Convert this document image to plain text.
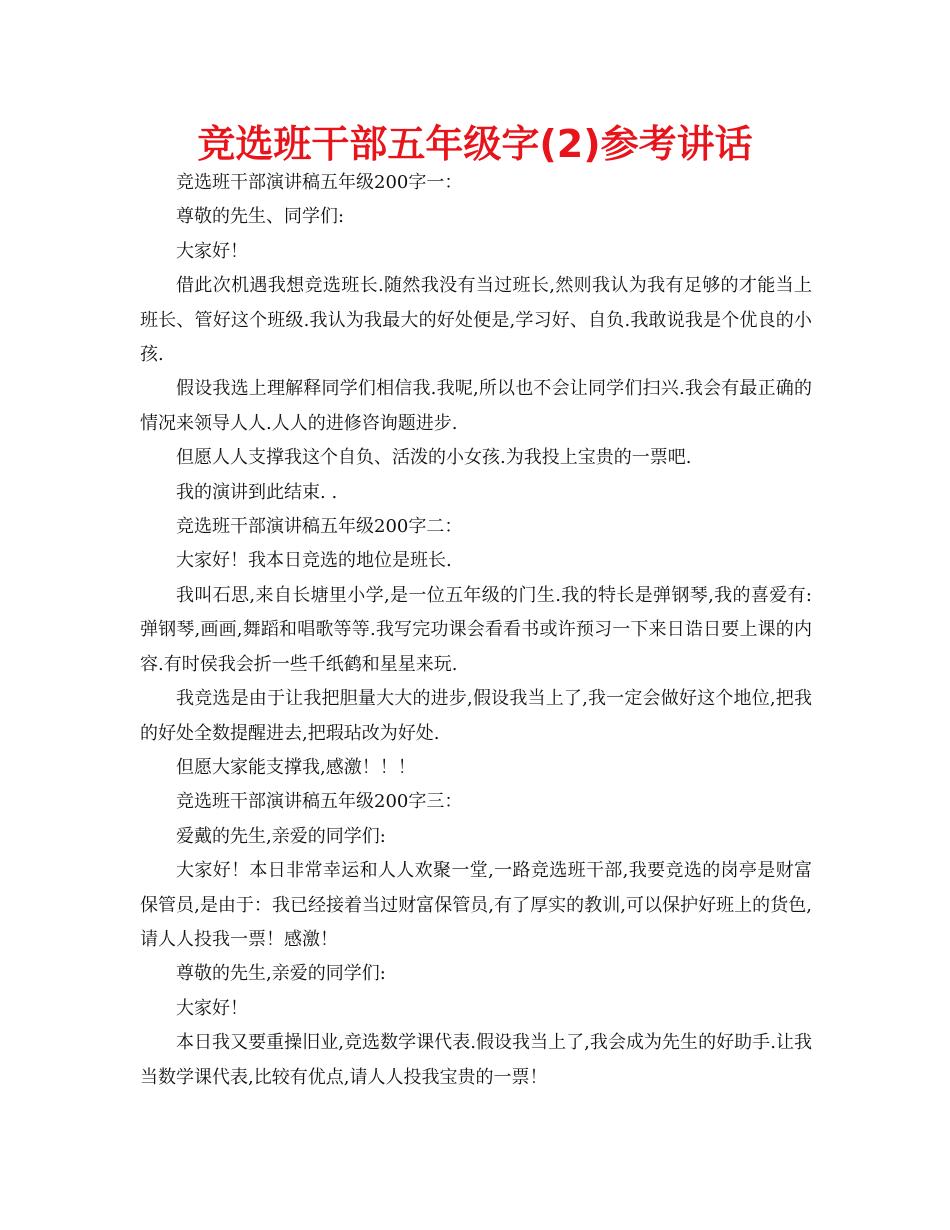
竞选班干部五年级字(2)参考讲话

竞选班干部演讲稿五年级200字一：

尊敬的先生、同学们:

大家好！

借此次机遇我想竞选班长.随然我没有当过班长,然则我认为我有足够的才能当上班长、管好这个班级.我认为我最大的好处便是,学习好、自负.我敢说我是个优良的小孩.

假设我选上理解释同学们相信我.我呢,所以也不会让同学们扫兴.我会有最正确的情况来领导人人.人人的进修咨询题进步.

但愿人人支撑我这个自负、活泼的小女孩.为我投上宝贵的一票吧.

我的演讲到此结束. .

竞选班干部演讲稿五年级200字二：

大家好！我本日竞选的地位是班长.

我叫石思,来自长塘里小学,是一位五年级的门生.我的特长是弹钢琴,我的喜爱有:弹钢琴,画画,舞蹈和唱歌等等.我写完功课会看看书或许预习一下来日诰日要上课的内容.有时侯我会折一些千纸鹤和星星来玩.

我竞选是由于让我把胆量大大的进步,假设我当上了,我一定会做好这个地位,把我的好处全数提醒进去,把瑕玷改为好处.

但愿大家能支撑我,感激！！！

竞选班干部演讲稿五年级200字三：

爱戴的先生,亲爱的同学们:

大家好！本日非常幸运和人人欢聚一堂,一路竞选班干部,我要竞选的岗亭是财富保管员,是由于：我已经接着当过财富保管员,有了厚实的教训,可以保护好班上的货色,请人人投我一票！感激！

尊敬的先生,亲爱的同学们:

大家好！

本日我又要重操旧业,竞选数学课代表.假设我当上了,我会成为先生的好助手.让我当数学课代表,比较有优点,请人人投我宝贵的一票！
